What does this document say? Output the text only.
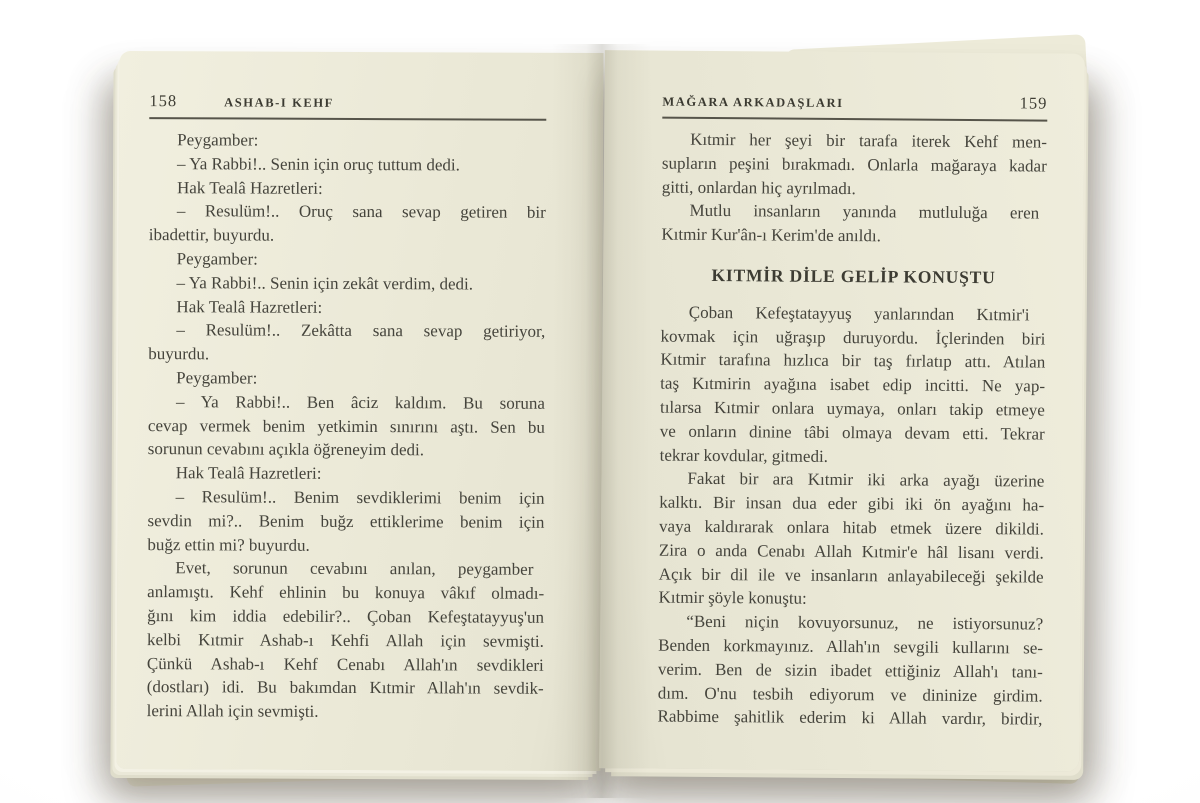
158	ASHAB-I KEHF
Peygamber:
– Ya Rabbi!.. Senin için oruç tuttum dedi.
Hak Tealâ Hazretleri:
– Resulüm!.. Oruç sana sevap getiren bir
ibadettir, buyurdu.
Peygamber:
– Ya Rabbi!.. Senin için zekât verdim, dedi.
Hak Tealâ Hazretleri:
– Resulüm!.. Zekâtta sana sevap getiriyor,
buyurdu.
Peygamber:
– Ya Rabbi!.. Ben âciz kaldım. Bu soruna
cevap vermek benim yetkimin sınırını aştı. Sen bu
sorunun cevabını açıkla öğreneyim dedi.
Hak Tealâ Hazretleri:
– Resulüm!.. Benim sevdiklerimi benim için
sevdin mi?.. Benim buğz ettiklerime benim için
buğz ettin mi? buyurdu.
Evet, sorunun cevabını anılan, peygamber
anlamıştı. Kehf ehlinin bu konuya vâkıf olmadı-
ğını kim iddia edebilir?.. Çoban Kefeştatayyuş'un
kelbi Kıtmir Ashab-ı Kehfi Allah için sevmişti.
Çünkü Ashab-ı Kehf Cenabı Allah'ın sevdikleri
(dostları) idi. Bu bakımdan Kıtmir Allah'ın sevdik-
lerini Allah için sevmişti.
MAĞARA ARKADAŞLARI	159
Kıtmir her şeyi bir tarafa iterek Kehf men-
supların peşini bırakmadı. Onlarla mağaraya kadar
gitti, onlardan hiç ayrılmadı.
Mutlu insanların yanında mutluluğa eren
Kıtmir Kur'ân-ı Kerim'de anıldı.
KITMİR DİLE GELİP KONUŞTU
Çoban Kefeştatayyuş yanlarından Kıtmir'i
kovmak için uğraşıp duruyordu. İçlerinden biri
Kıtmir tarafına hızlıca bir taş fırlatıp attı. Atılan
taş Kıtmirin ayağına isabet edip incitti. Ne yap-
tılarsa Kıtmir onlara uymaya, onları takip etmeye
ve onların dinine tâbi olmaya devam etti. Tekrar
tekrar kovdular, gitmedi.
Fakat bir ara Kıtmir iki arka ayağı üzerine
kalktı. Bir insan dua eder gibi iki ön ayağını ha-
vaya kaldırarak onlara hitab etmek üzere dikildi.
Zira o anda Cenabı Allah Kıtmir'e hâl lisanı verdi.
Açık bir dil ile ve insanların anlayabileceği şekilde
Kıtmir şöyle konuştu:
“Beni niçin kovuyorsunuz, ne istiyorsunuz?
Benden korkmayınız. Allah'ın sevgili kullarını se-
verim. Ben de sizin ibadet ettiğiniz Allah'ı tanı-
dım. O'nu tesbih ediyorum ve dininize girdim.
Rabbime şahitlik ederim ki Allah vardır, birdir,
